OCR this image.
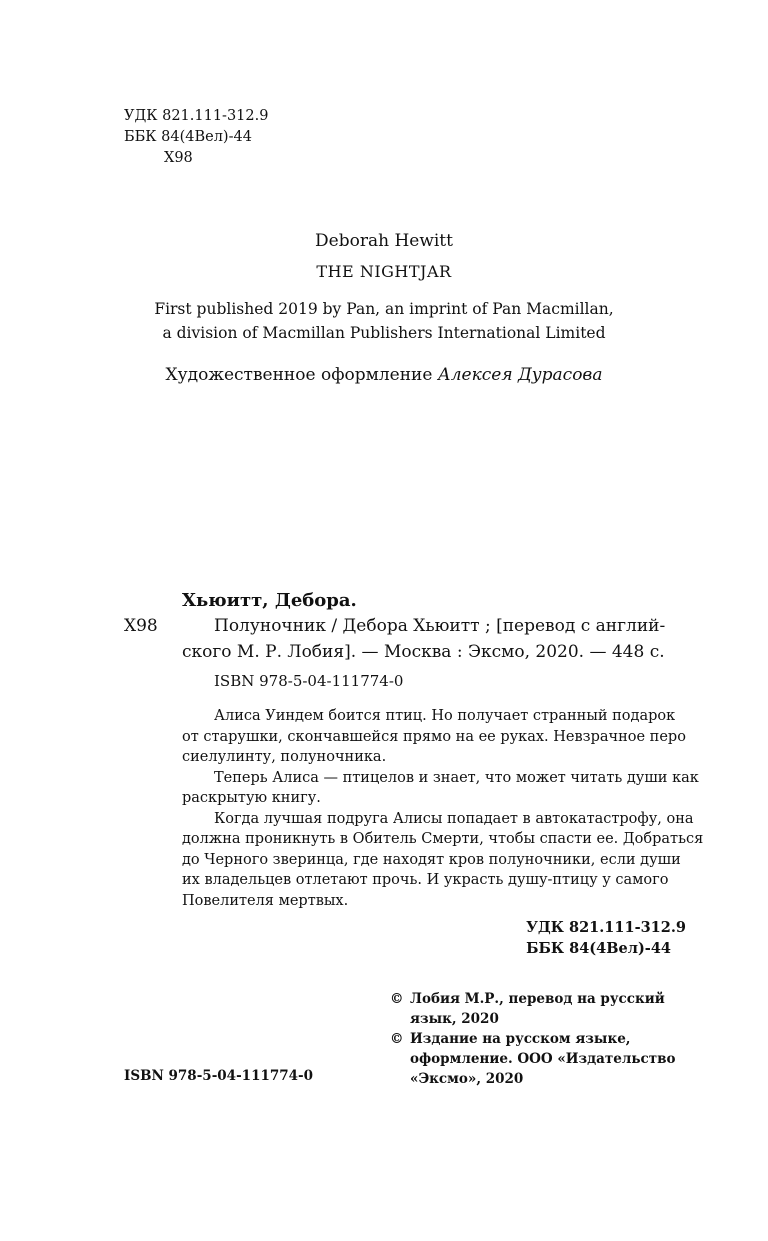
УДК 821.111-312.9
ББК 84(4Вел)-44
Х98
Deborah Hewitt
THE NIGHTJAR
First published 2019 by Pan, an imprint of Pan Macmillan,
a division of Macmillan Publishers International Limited
Художественное оформление Алексея Дурасова
Хьюитт, Дебора.
Х98	Полуночник / Дебора Хьюитт ; [перевод с англий-
ского М. Р. Лобия]. — Москва : Эксмо, 2020. — 448 с.
ISBN 978-5-04-111774-0
Алиса Уиндем боится птиц. Но получает странный подарок
от старушки, скончавшейся прямо на ее руках. Невзрачное перо
сиелулинту, полуночника.
Теперь Алиса — птицелов и знает, что может читать души как
раскрытую книгу.
Когда лучшая подруга Алисы попадает в автокатастрофу, она
должна проникнуть в Обитель Смерти, чтобы спасти ее. Добраться
до Черного зверинца, где находят кров полуночники, если души
их владельцев отлетают прочь. И украсть душу-птицу у самого
Повелителя мертвых.
УДК 821.111-312.9
ББК 84(4Вел)-44
© Лобия М.Р., перевод на русский
язык, 2020
© Издание на русском языке,
оформление. ООО «Издательство
«Эксмо», 2020
ISBN 978-5-04-111774-0
